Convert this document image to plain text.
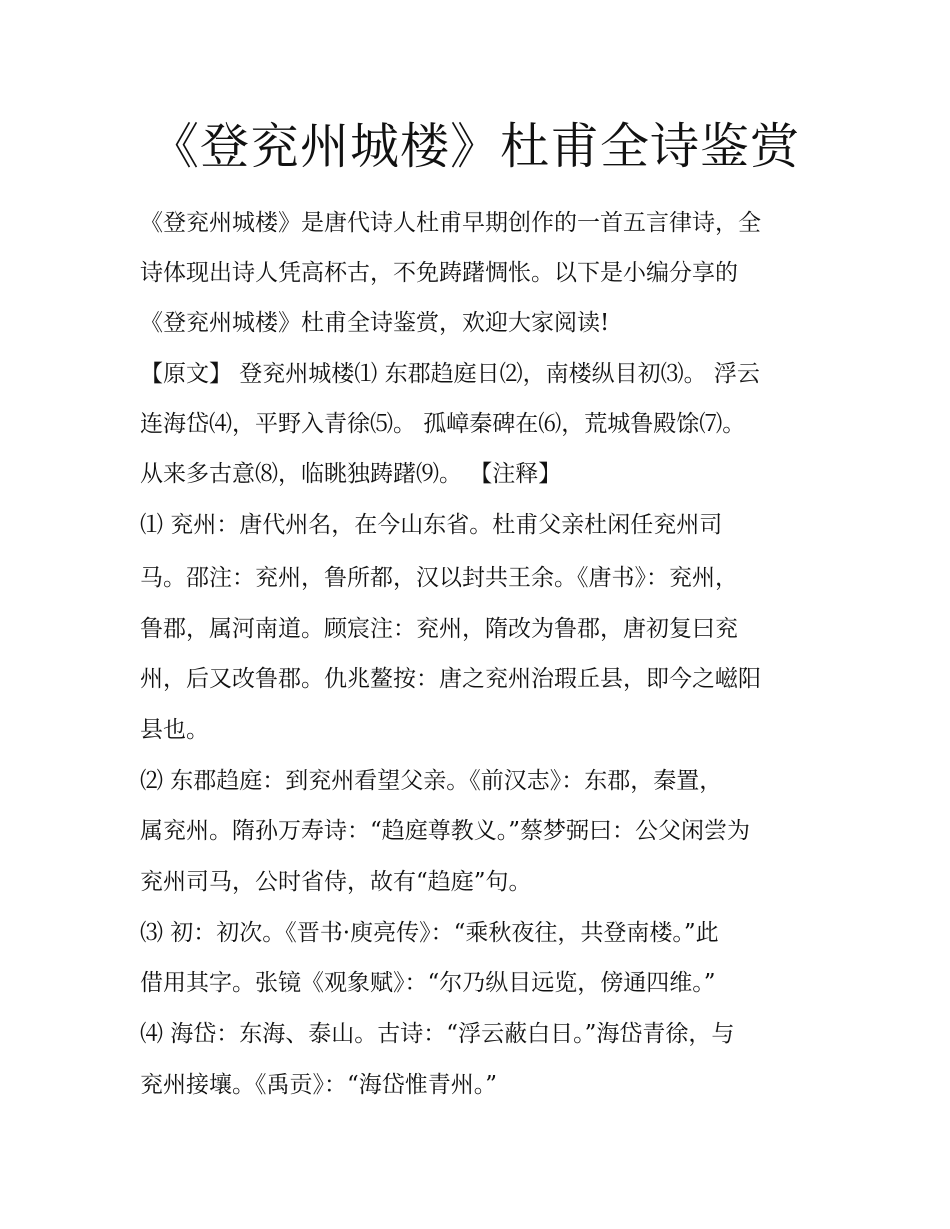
《登兖州城楼》杜甫全诗鉴赏
《登兖州城楼》是唐代诗人杜甫早期创作的一首五言律诗，全
诗体现出诗人凭高杯古，不免踌躇惆怅。以下是小编分享的
《登兖州城楼》杜甫全诗鉴赏，欢迎大家阅读!
【原文】 登兖州城楼⑴ 东郡趋庭日⑵，南楼纵目初⑶。 浮云
连海岱⑷，平野入青徐⑸。 孤嶂秦碑在⑹，荒城鲁殿馀⑺。
从来多古意⑻，临眺独踌躇⑼。 【注释】
⑴ 兖州：唐代州名，在今山东省。杜甫父亲杜闲任兖州司
马。邵注：兖州，鲁所都，汉以封共王余。《唐书》：兖州，
鲁郡，属河南道。顾宸注：兖州，隋改为鲁郡，唐初复曰兖
州，后又改鲁郡。仇兆鳌按：唐之兖州治瑕丘县，即今之嵫阳
县也。
⑵ 东郡趋庭：到兖州看望父亲。《前汉志》：东郡，秦置，
属兖州。隋孙万寿诗：“趋庭尊教义。”蔡梦弼曰：公父闲尝为
兖州司马，公时省侍，故有“趋庭”句。
⑶ 初：初次。《晋书·庾亮传》：“乘秋夜往，共登南楼。”此
借用其字。张镜《观象赋》：“尔乃纵目远览，傍通四维。”
⑷ 海岱：东海、泰山。古诗：“浮云蔽白日。”海岱青徐，与
兖州接壤。《禹贡》：“海岱惟青州。”
